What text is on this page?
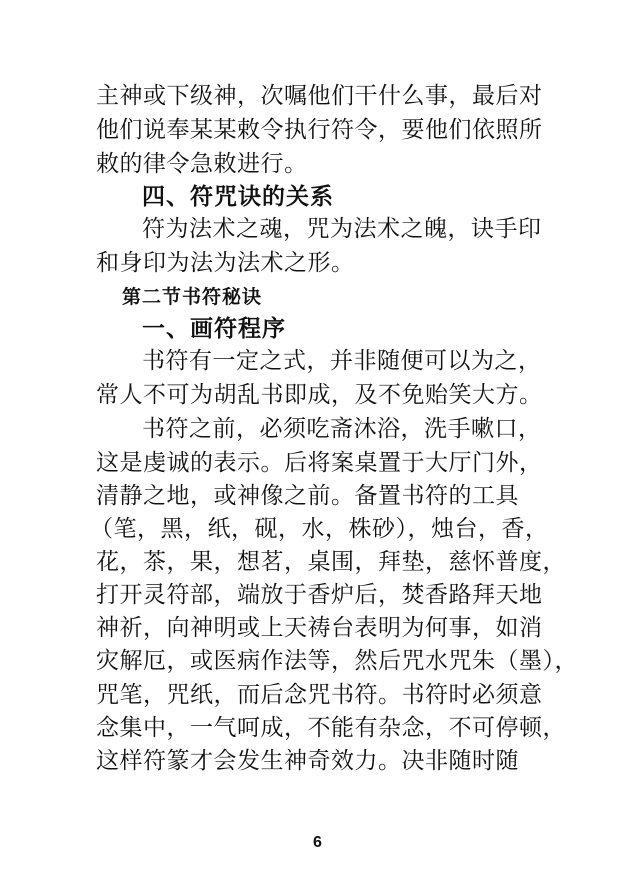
主神或下级神，次嘱他们干什么事，最后对
他们说奉某某敕令执行符令，要他们依照所
敕的律令急敕进行。
四、符咒诀的关系
符为法术之魂，咒为法术之魄，诀手印
和身印为法为法术之形。
第二节书符秘诀
一、画符程序
书符有一定之式，并非随便可以为之，
常人不可为胡乱书即成，及不免贻笑大方。
书符之前，必须吃斋沐浴，洗手嗽口，
这是虔诚的表示。后将案桌置于大厅门外，
清静之地，或神像之前。备置书符的工具
（笔，黑，纸，砚，水，株砂），烛台，香，
花，茶，果，想茗，桌围，拜垫，慈怀普度，
打开灵符部，端放于香炉后，焚香路拜天地
神祈，向神明或上天祷台表明为何事，如消
灾解厄，或医病作法等，然后咒水咒朱（墨），
咒笔，咒纸，而后念咒书符。书符时必须意
念集中，一气呵成，不能有杂念，不可停顿，
这样符篆才会发生神奇效力。决非随时随
6
